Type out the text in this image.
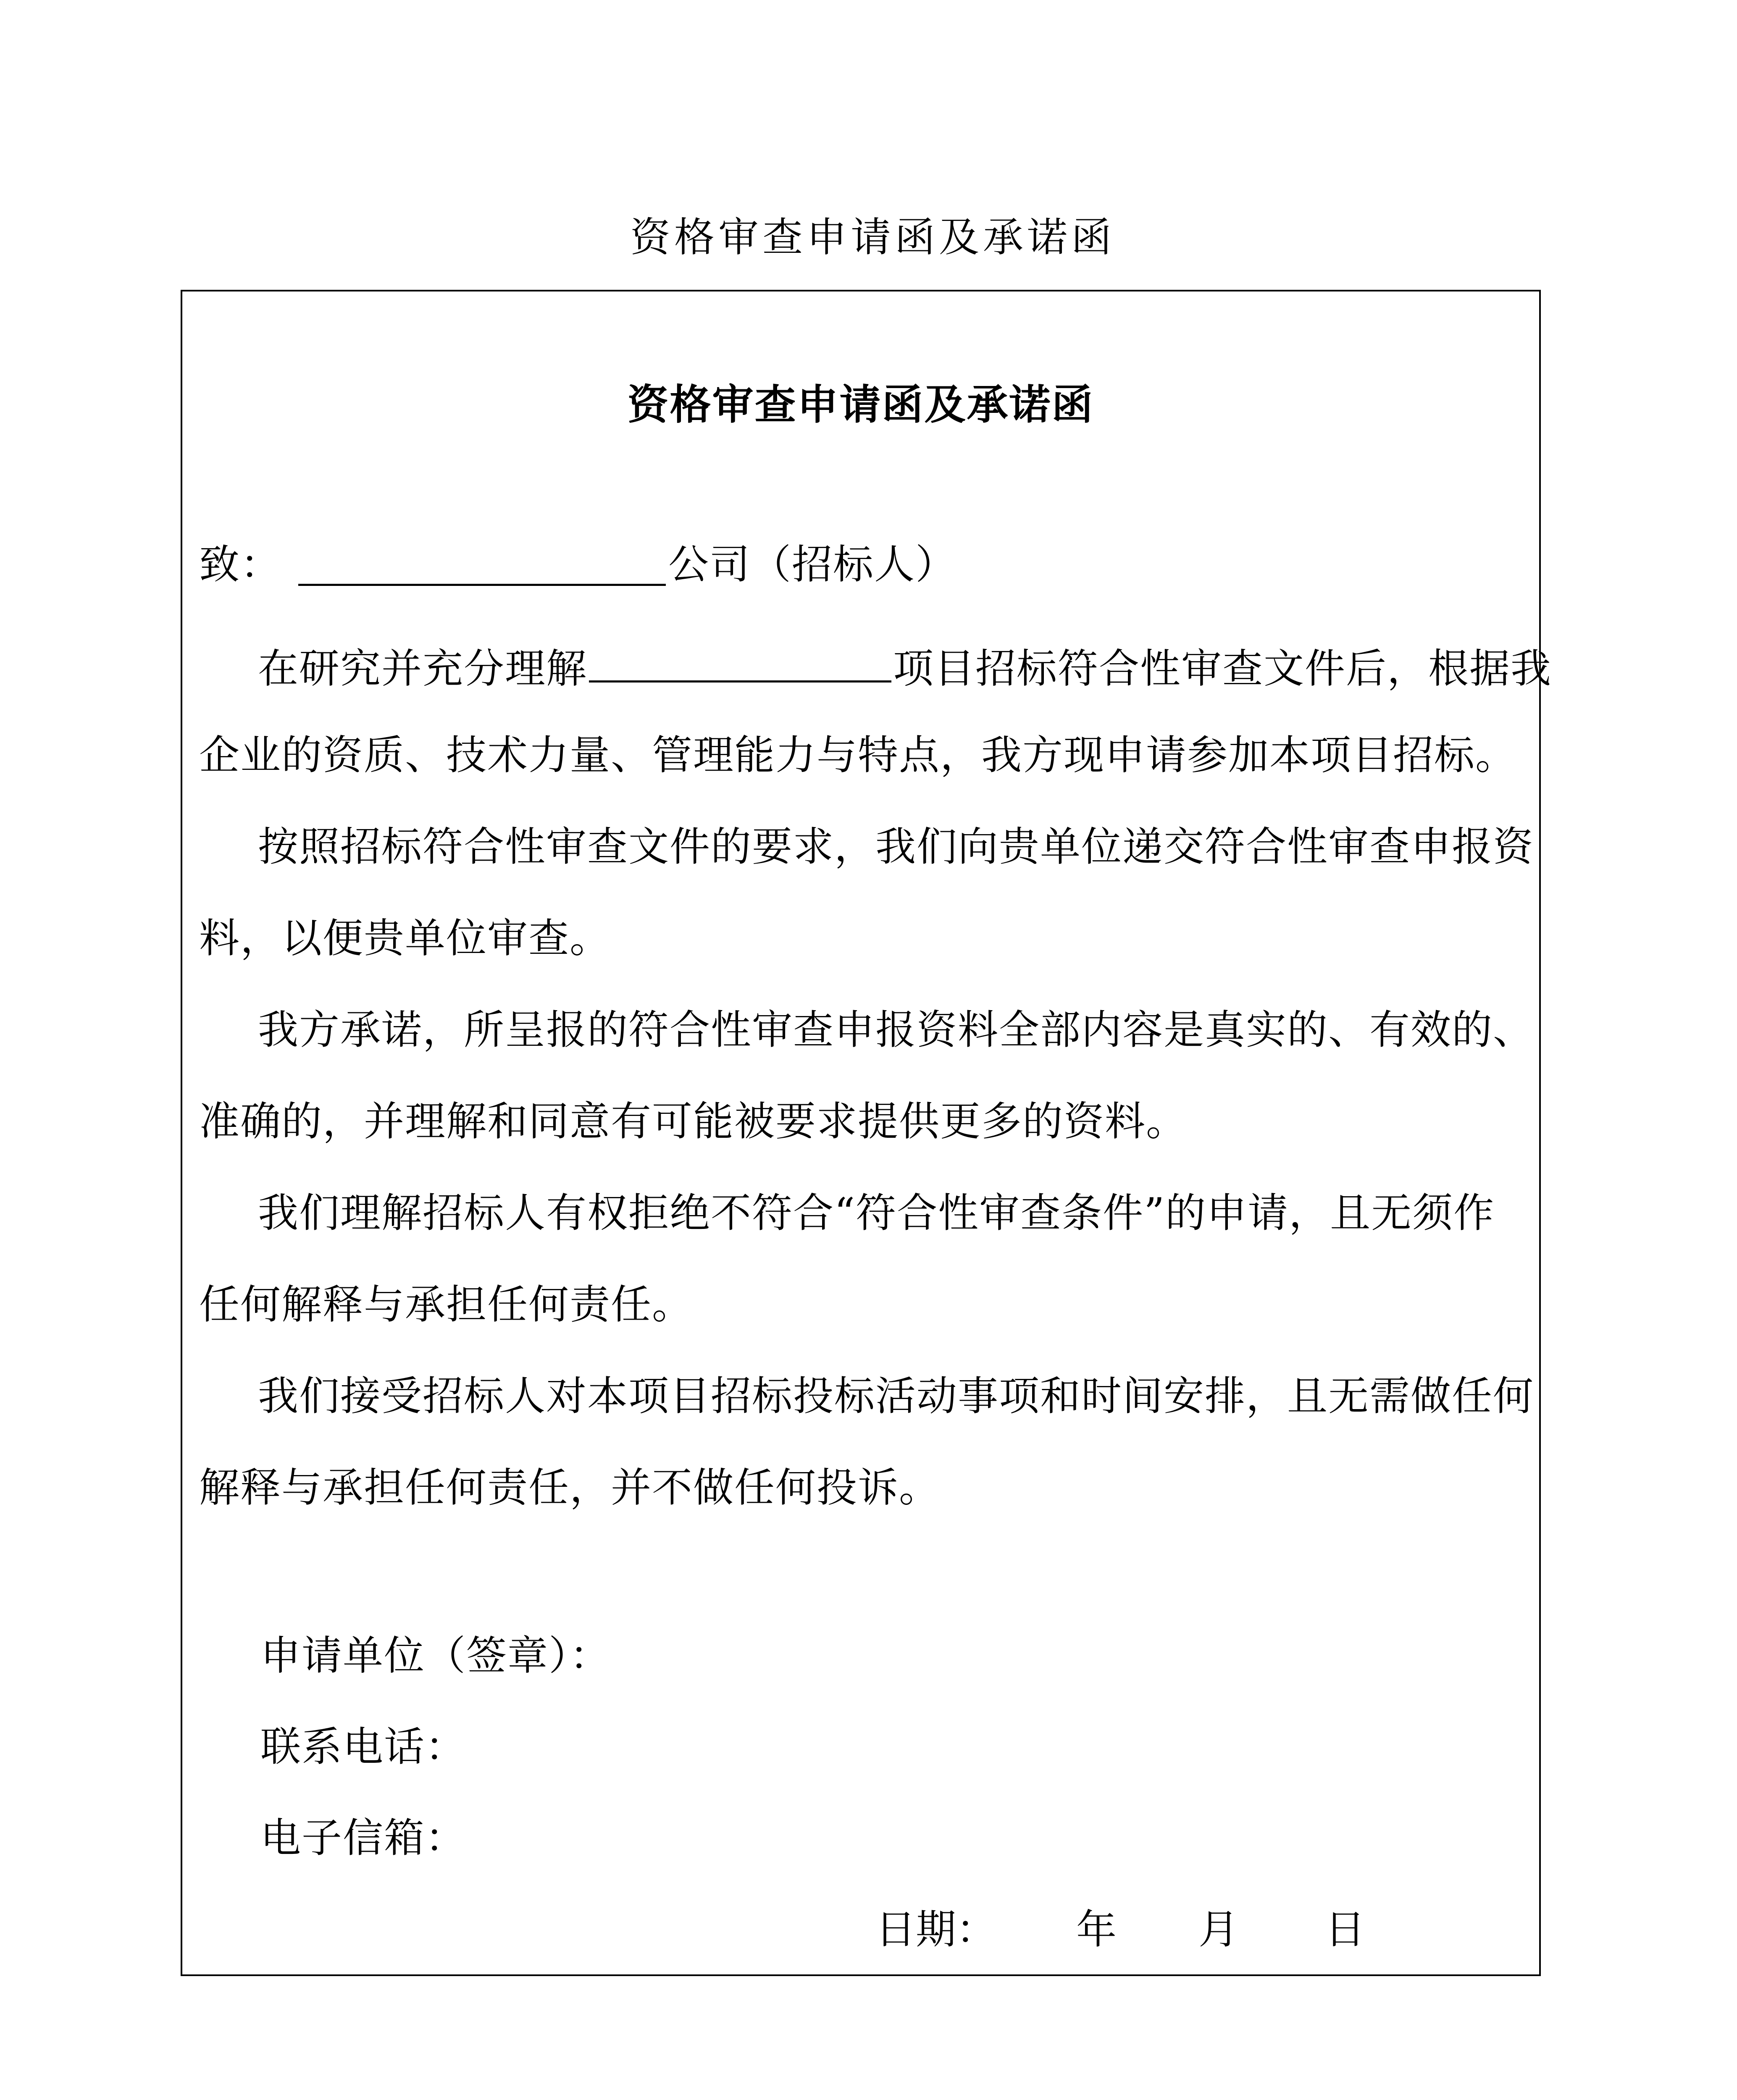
资格审查申请函及承诺函
资格审查申请函及承诺函
致：	公司（招标人）
在研究并充分理解	项目招标符合性审查文件后，根据我
企业的资质、技术力量、管理能力与特点，我方现申请参加本项目招标。
按照招标符合性审查文件的要求，我们向贵单位递交符合性审查申报资
料，以便贵单位审查。
我方承诺，所呈报的符合性审查申报资料全部内容是真实的、有效的、
准确的，并理解和同意有可能被要求提供更多的资料。
我们理解招标人有权拒绝不符合“符合性审查条件”的申请，且无须作
任何解释与承担任何责任。
我们接受招标人对本项目招标投标活动事项和时间安排，且无需做任何
解释与承担任何责任，并不做任何投诉。
申请单位（签章）：
联系电话：
电子信箱：
日期： 年 月 日
